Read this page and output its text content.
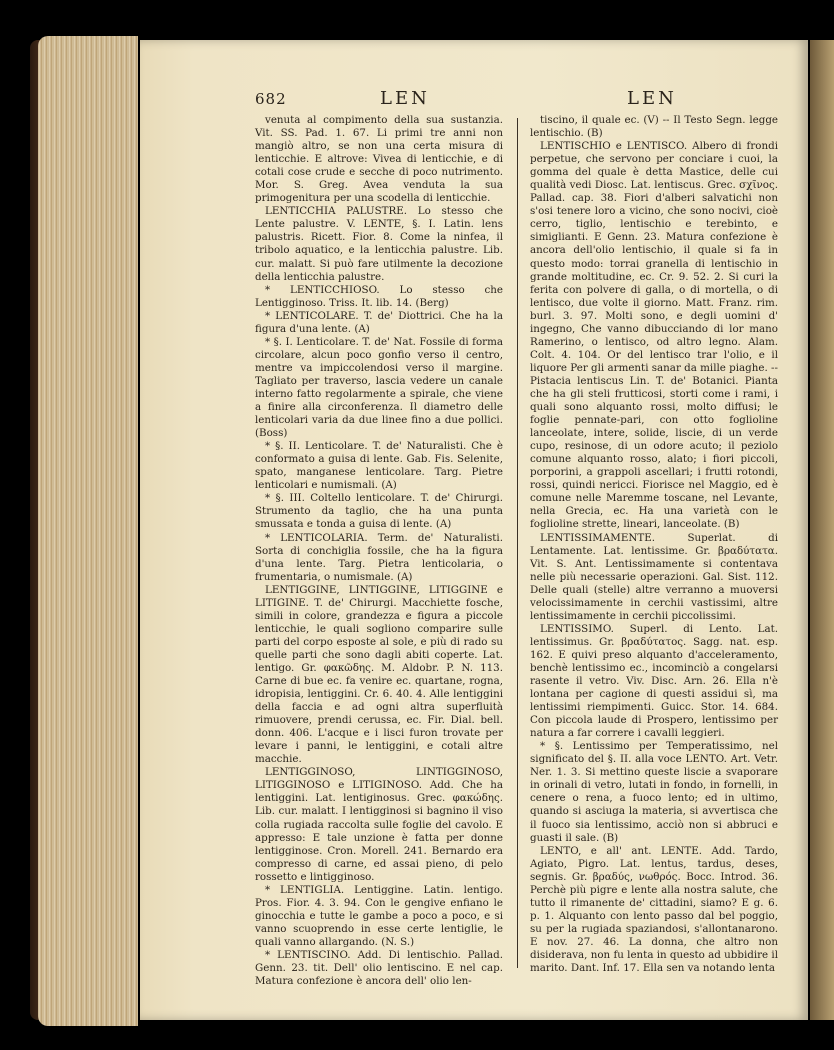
682	LEN	LEN

venuta al compimento della sua sustanzia. Vit. SS. Pad. 1. 67. Li primi tre anni non mangiò altro, se non una certa misura di lenticchie. E altrove: Vivea di lenticchie, e di cotali cose crude e secche di poco nutrimento. Mor. S. Greg. Avea venduta la sua primogenitura per una scodella di lenticchie.

LENTICCHIA PALUSTRE. Lo stesso che Lente palustre. V. LENTE, §. I. Latin. lens palustris. Ricett. Fior. 8. Come la ninfea, il tribolo aquatico, e la lenticchia palustre. Lib. cur. malatt. Si può fare utilmente la decozione della lenticchia palustre.

* LENTICCHIOSO. Lo stesso che Lentigginoso. Triss. It. lib. 14. (Berg)

* LENTICOLARE. T. de' Diottrici. Che ha la figura d'una lente. (A)

* §. I. Lenticolare. T. de' Nat. Fossile di forma circolare, alcun poco gonfio verso il centro, mentre va impiccolendosi verso il margine. Tagliato per traverso, lascia vedere un canale interno fatto regolarmente a spirale, che viene a finire alla circonferenza. Il diametro delle lenticolari varia da due linee fino a due pollici. (Boss)

* §. II. Lenticolare. T. de' Naturalisti. Che è conformato a guisa di lente. Gab. Fis. Selenite, spato, manganese lenticolare. Targ. Pietre lenticolari e numismali. (A)

* §. III. Coltello lenticolare. T. de' Chirurgi. Strumento da taglio, che ha una punta smussata e tonda a guisa di lente. (A)

* LENTICOLARIA. Term. de' Naturalisti. Sorta di conchiglia fossile, che ha la figura d'una lente. Targ. Pietra lenticolaria, o frumentaria, o numismale. (A)

LENTIGGINE, LINTIGGINE, LITIGGINE e LITIGINE. T. de' Chirurgi. Macchiette fosche, simili in colore, grandezza e figura a piccole lenticchie, le quali sogliono comparire sulle parti del corpo esposte al sole, e più di rado su quelle parti che sono dagli abiti coperte. Lat. lentigo. Gr. φακῶδης. M. Aldobr. P. N. 113. Carne di bue ec. fa venire ec. quartane, rogna, idropisia, lentiggini. Cr. 6. 40. 4. Alle lentiggini della faccia e ad ogni altra superfluità rimuovere, prendi cerussa, ec. Fir. Dial. bell. donn. 406. L'acque e i lisci furon trovate per levare i panni, le lentiggini, e cotali altre macchie.

LENTIGGINOSO, LINTIGGINOSO, LITIGGINOSO e LITIGINOSO. Add. Che ha lentiggini. Lat. lentiginosus. Grec. φακώδης. Lib. cur. malatt. I lentigginosi si bagnino il viso colla rugiada raccolta sulle foglie del cavolo. E appresso: E tale unzione è fatta per donne lentigginose. Cron. Morell. 241. Bernardo era compresso di carne, ed assai pieno, di pelo rossetto e lintigginoso.

* LENTIGLIA. Lentiggine. Latin. lentigo. Pros. Fior. 4. 3. 94. Con le gengive enfiano le ginocchia e tutte le gambe a poco a poco, e si vanno scuoprendo in esse certe lentiglie, le quali vanno allargando. (N. S.)

* LENTISCINO. Add. Di lentischio. Pallad. Genn. 23. tit. Dell' olio lentiscino. E nel cap. Matura confezione è ancora dell' olio len-

tiscino, il quale ec. (V) -- Il Testo Segn. legge lentischio. (B)

LENTISCHIO e LENTISCO. Albero di frondi perpetue, che servono per conciare i cuoi, la gomma del quale è detta Mastice, delle cui qualità vedi Diosc. Lat. lentiscus. Grec. σχῖνος. Pallad. cap. 38. Fiori d'alberi salvatichi non s'osi tenere loro a vicino, che sono nocivi, cioè cerro, tiglio, lentischio e terebinto, e simiglianti. E Genn. 23. Matura confezione è ancora dell'olio lentischio, il quale si fa in questo modo: torrai granella di lentischio in grande moltitudine, ec. Cr. 9. 52. 2. Si curi la ferita con polvere di galla, o di mortella, o di lentisco, due volte il giorno. Matt. Franz. rim. burl. 3. 97. Molti sono, e degli uomini d' ingegno, Che vanno dibucciando di lor mano Ramerino, o lentisco, od altro legno. Alam. Colt. 4. 104. Or del lentisco trar l'olio, e il liquore Per gli armenti sanar da mille piaghe. -- Pistacia lentiscus Lin. T. de' Botanici. Pianta che ha gli steli frutticosi, storti come i rami, i quali sono alquanto rossi, molto diffusi; le foglie pennate-pari, con otto foglioline lanceolate, intere, solide, liscie, di un verde cupo, resinose, di un odore acuto; il peziolo comune alquanto rosso, alato; i fiori piccoli, porporini, a grappoli ascellari; i frutti rotondi, rossi, quindi nericci. Fiorisce nel Maggio, ed è comune nelle Maremme toscane, nel Levante, nella Grecia, ec. Ha una varietà con le foglioline strette, lineari, lanceolate. (B)

LENTISSIMAMENTE. Superlat. di Lentamente. Lat. lentissime. Gr. βραδύτατα. Vit. S. Ant. Lentissimamente si contentava nelle più necessarie operazioni. Gal. Sist. 112. Delle quali (stelle) altre verranno a muoversi velocissimamente in cerchii vastissimi, altre lentissimamente in cerchii piccolissimi.

LENTISSIMO. Superl. di Lento. Lat. lentissimus. Gr. βραδύτατος. Sagg. nat. esp. 162. E quivi preso alquanto d'acceleramento, benchè lentissimo ec., incominciò a congelarsi rasente il vetro. Viv. Disc. Arn. 26. Ella n'è lontana per cagione di questi assidui sì, ma lentissimi riempimenti. Guicc. Stor. 14. 684. Con piccola laude di Prospero, lentissimo per natura a far correre i cavalli leggieri.

* §. Lentissimo per Temperatissimo, nel significato del §. II. alla voce LENTO. Art. Vetr. Ner. 1. 3. Si mettino queste liscie a svaporare in orinali di vetro, lutati in fondo, in fornelli, in cenere o rena, a fuoco lento; ed in ultimo, quando si asciuga la materia, si avvertisca che il fuoco sia lentissimo, acciò non si abbruci e guasti il sale. (B)

LENTO, e all' ant. LENTE. Add. Tardo, Agiato, Pigro. Lat. lentus, tardus, deses, segnis. Gr. βραδύς, νωθρός. Bocc. Introd. 36. Perchè più pigre e lente alla nostra salute, che tutto il rimanente de' cittadini, siamo? E g. 6. p. 1. Alquanto con lento passo dal bel poggio, su per la rugiada spaziandosi, s'allontanarono. E nov. 27. 46. La donna, che altro non disiderava, non fu lenta in questo ad ubbidire il marito. Dant. Inf. 17. Ella sen va notando lenta
